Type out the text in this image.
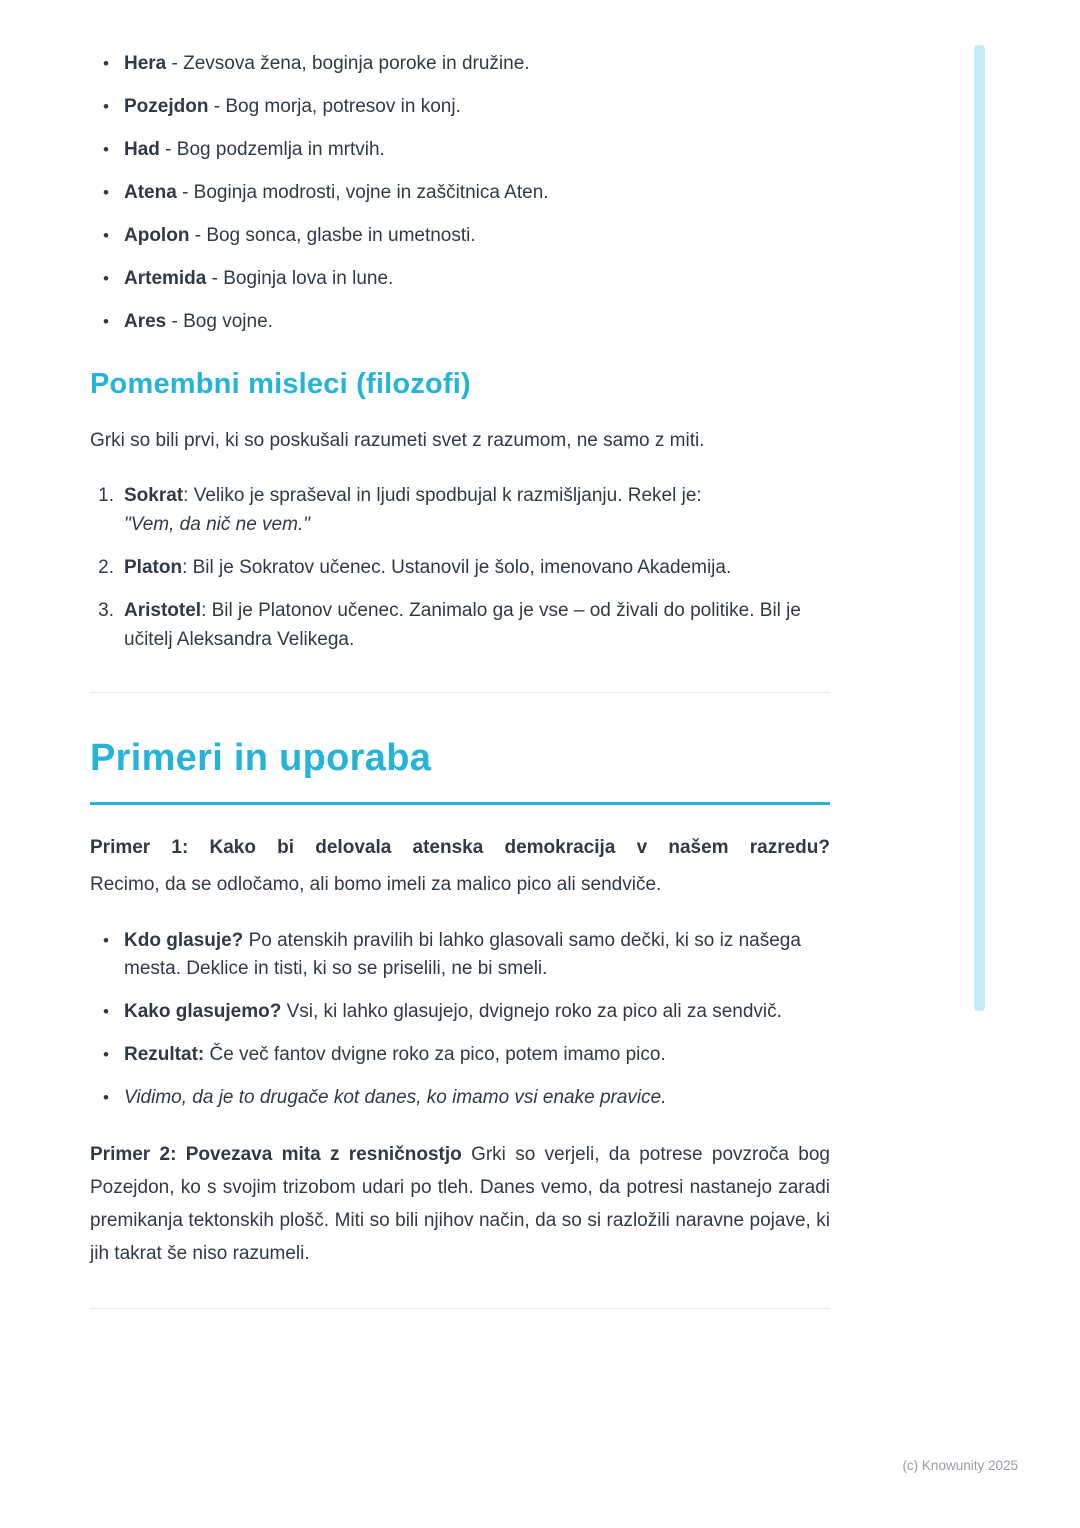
• Hera - Zevsova žena, boginja poroke in družine.
• Pozejdon - Bog morja, potresov in konj.
• Had - Bog podzemlja in mrtvih.
• Atena - Boginja modrosti, vojne in zaščitnica Aten.
• Apolon - Bog sonca, glasbe in umetnosti.
• Artemida - Boginja lova in lune.
• Ares - Bog vojne.
Pomembni misleci (filozofi)

Grki so bili prvi, ki so poskušali razumeti svet z razumom, ne samo z miti.

1. Sokrat: Veliko je spraševal in ljudi spodbujal k razmišljanju. Rekel je:
"Vem, da nič ne vem."
2. Platon: Bil je Sokratov učenec. Ustanovil je šolo, imenovano Akademija.
3. Aristotel: Bil je Platonov učenec. Zanimalo ga je vse – od živali do politike. Bil je učitelj Aleksandra Velikega.
Primeri in uporaba

Primer 1: Kako bi delovala atenska demokracija v našem razredu?

Recimo, da se odločamo, ali bomo imeli za malico pico ali sendviče.

• Kdo glasuje? Po atenskih pravilih bi lahko glasovali samo dečki, ki so iz našega mesta. Deklice in tisti, ki so se priselili, ne bi smeli.
• Kako glasujemo? Vsi, ki lahko glasujejo, dvignejo roko za pico ali za sendvič.
• Rezultat: Če več fantov dvigne roko za pico, potem imamo pico.
• Vidimo, da je to drugače kot danes, ko imamo vsi enake pravice.

Primer 2: Povezava mita z resničnostjo Grki so verjeli, da potrese povzroča bog Pozejdon, ko s svojim trizobom udari po tleh. Danes vemo, da potresi nastanejo zaradi premikanja tektonskih plošč. Miti so bili njihov način, da so si razložili naravne pojave, ki jih takrat še niso razumeli.

(c) Knowunity 2025
